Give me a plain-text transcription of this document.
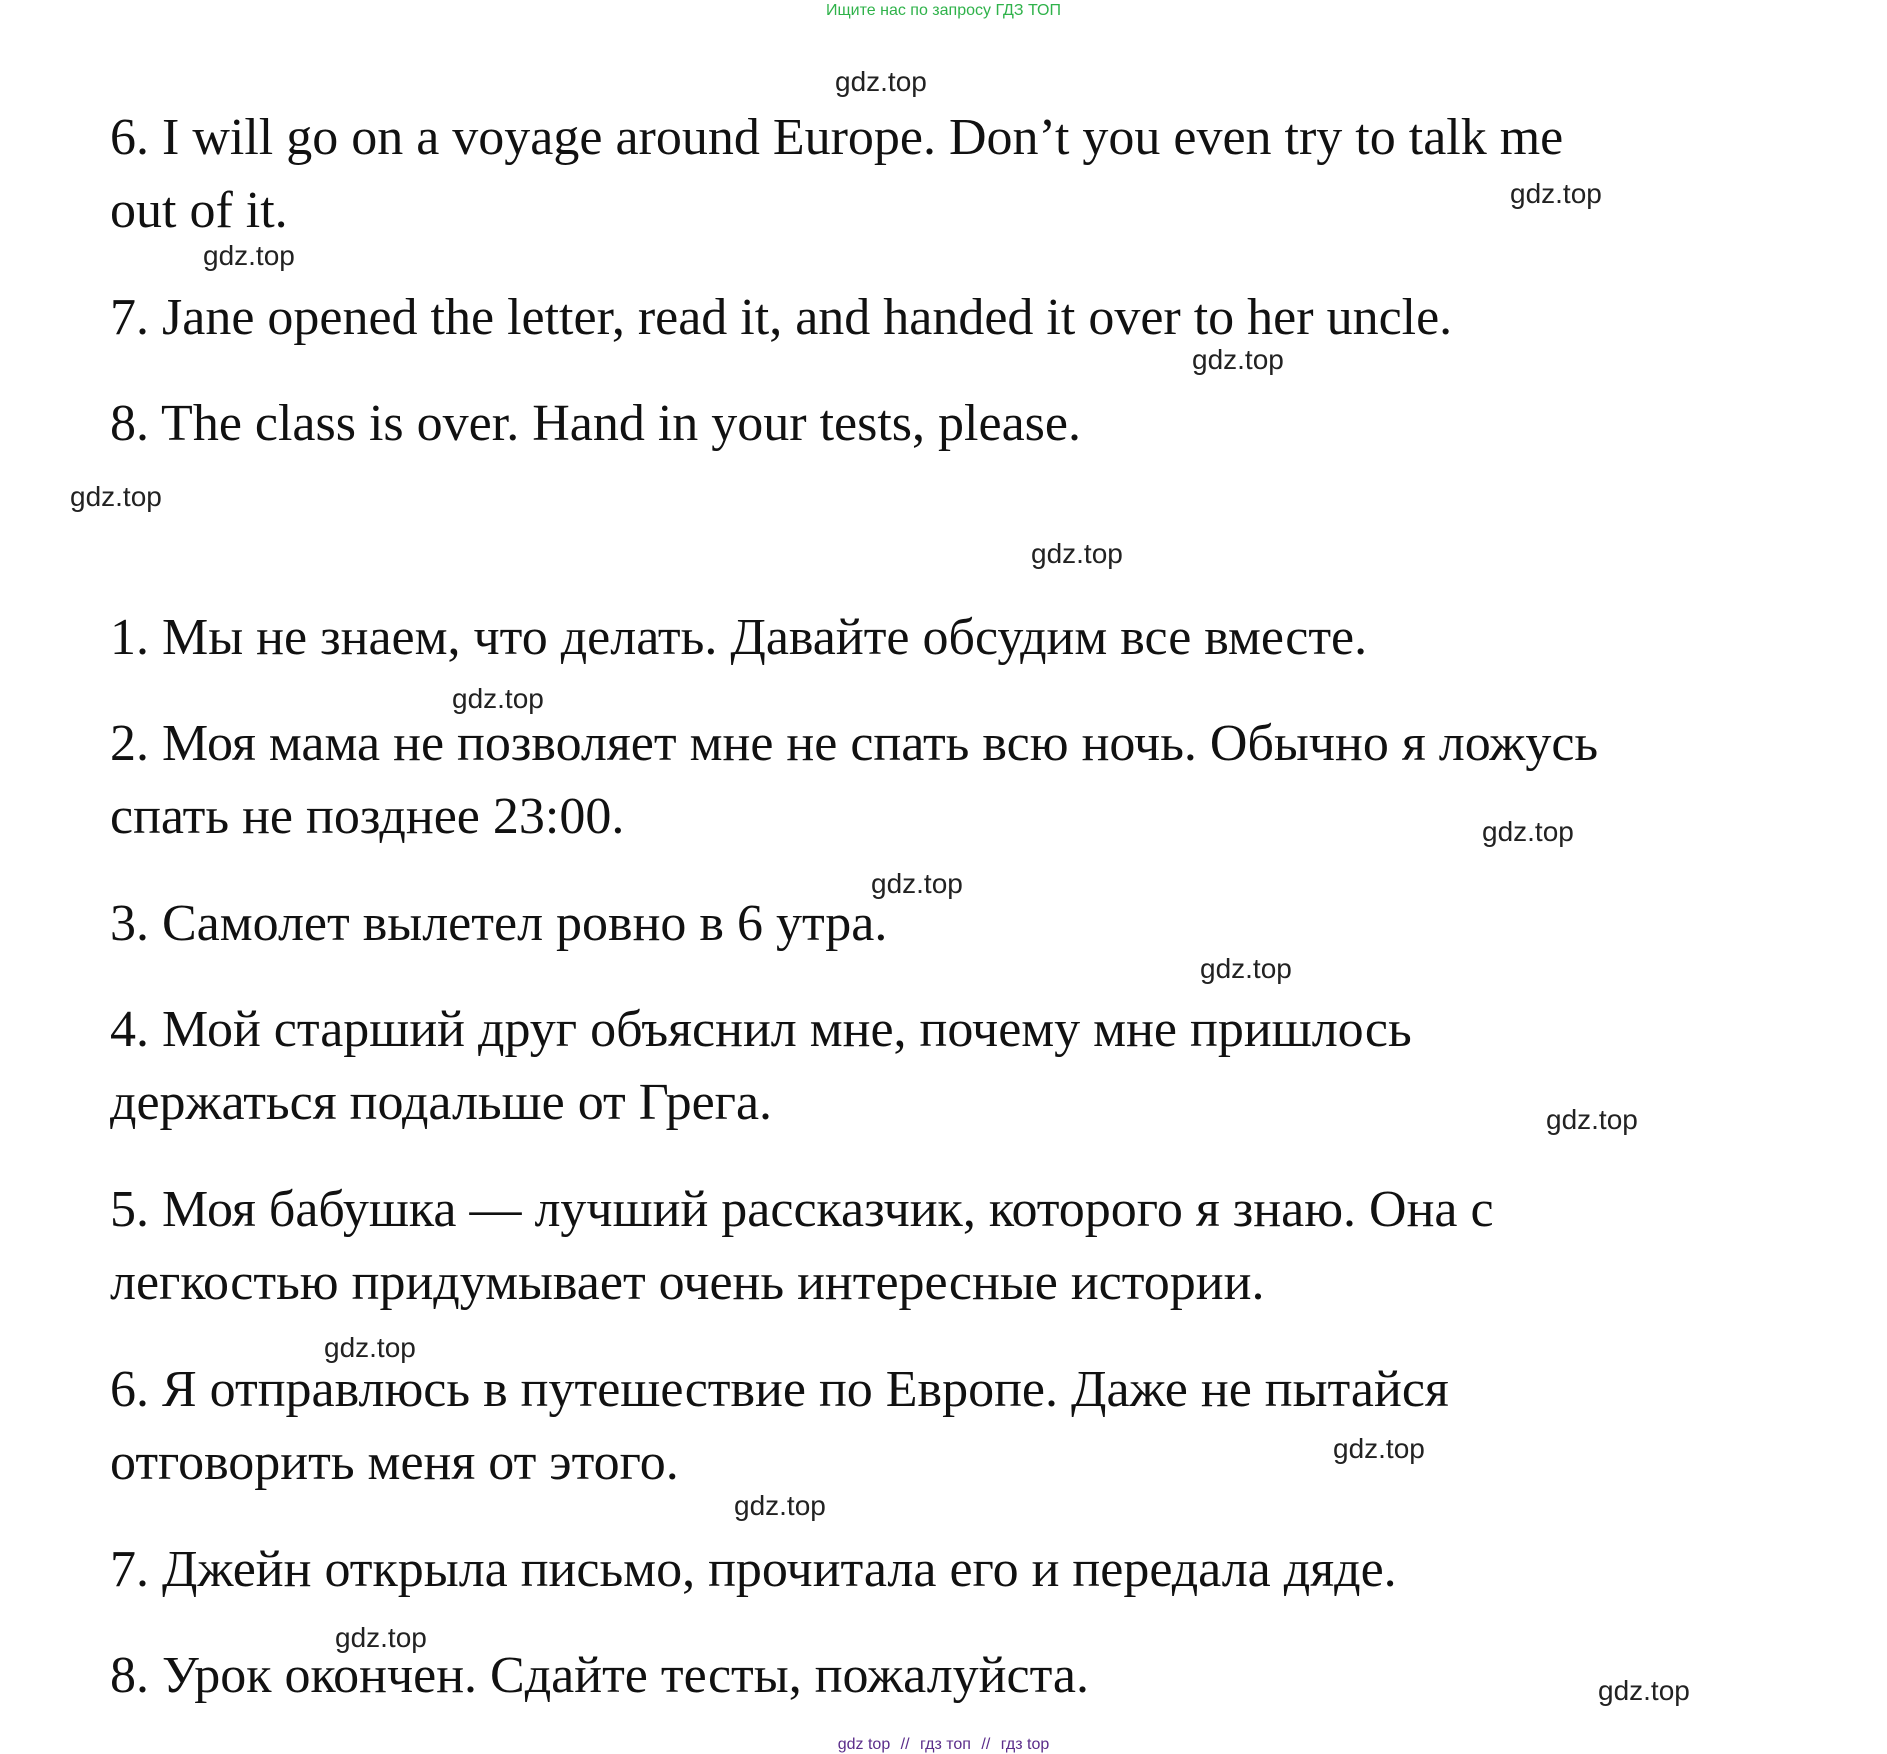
Ищите нас по запросу ГДЗ ТОП
6. I will go on a voyage around Europe. Don’t you even try to talk me
out of it.
7. Jane opened the letter, read it, and handed it over to her uncle.
8. The class is over. Hand in your tests, please.
1. Мы не знаем, что делать. Давайте обсудим все вместе.
2. Моя мама не позволяет мне не спать всю ночь. Обычно я ложусь
спать не позднее 23:00.
3. Самолет вылетел ровно в 6 утра.
4. Мой старший друг объяснил мне, почему мне пришлось
держаться подальше от Грега.
5. Моя бабушка — лучший рассказчик, которого я знаю. Она с
легкостью придумывает очень интересные истории.
6. Я отправлюсь в путешествие по Европе. Даже не пытайся
отговорить меня от этого.
7. Джейн открыла письмо, прочитала его и передала дяде.
8. Урок окончен. Сдайте тесты, пожалуйста.
gdz.top
gdz.top
gdz.top
gdz.top
gdz.top
gdz.top
gdz.top
gdz.top
gdz.top
gdz.top
gdz.top
gdz.top
gdz.top
gdz.top
gdz.top
gdz.top
gdz top // гдз топ // гдз top
